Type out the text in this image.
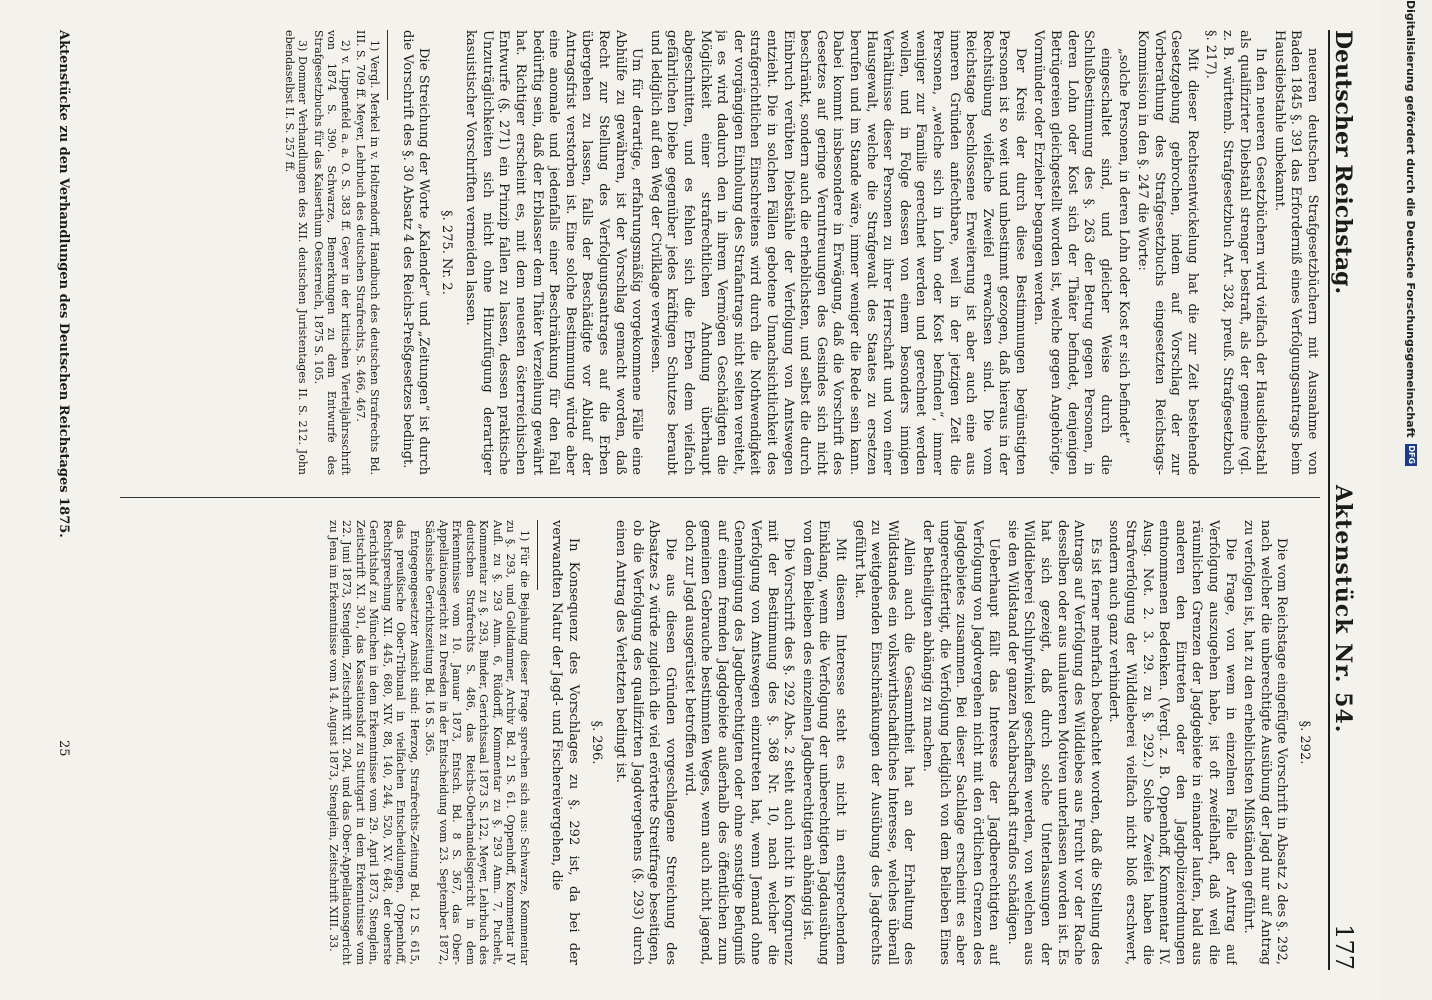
Deutscher Reichstag.
Aktenstück Nr. 54.
177

neueren deutschen Strafgesetzbüchern mit Ausnahme von Baden 1845 §. 391 das Erforderniß eines Verfolgungsantrags beim Hausdiebstahle unbekannt.

In den neueren Gesetzbüchern wird vielfach der Hausdiebstahl als qualifizirter Diebstahl strenger bestraft, als der gemeine (vgl. z. B. württemb. Strafgesetzbuch Art. 328, preuß. Strafgesetzbuch §. 217).

Mit dieser Rechtsentwickelung hat die zur Zeit bestehende Gesetzgebung gebrochen, indem auf Vorschlag der zur Vorberathung des Strafgesetzbuchs eingesetzten Reichstags-Kommission in den §. 247 die Worte:

„solche Personen, in deren Lohn oder Kost er sich befindet“

eingeschaltet sind, und gleicher Weise durch die Schlußbestimmung des §. 263 der Betrug gegen Personen, in deren Lohn oder Kost sich der Thäter befindet, denjenigen Betrügereien gleichgestellt worden ist, welche gegen Angehörige, Vormünder oder Erzieher begangen werden.

Der Kreis der durch diese Bestimmungen begünstigten Personen ist so weit und unbestimmt gezogen, daß hieraus in der Rechtsübung vielfache Zweifel erwachsen sind. Die vom Reichstage beschlossene Erweiterung ist aber auch eine aus inneren Gründen anfechtbare, weil in der jetzigen Zeit die Personen, „welche sich in Lohn oder Kost befinden“, immer weniger zur Familie gerechnet werden und gerechnet werden wollen, und in Folge dessen von einem besonders innigen Verhältnisse dieser Personen zu ihrer Herrschaft und von einer Hausgewalt, welche die Strafgewalt des Staates zu ersetzen berufen und im Stande wäre, immer weniger die Rede sein kann. Dabei kommt insbesondere in Erwägung, daß die Vorschrift des Gesetzes auf geringe Veruntreuungen des Gesindes sich nicht beschränkt, sondern auch die erheblichsten, und selbst die durch Einbruch verübten Diebstähle der Verfolgung von Amtswegen entzieht. Die in solchen Fällen gebotene Unnachsichtlichkeit des strafgerichtlichen Einschreitens wird durch die Nothwendigkeit der vorgängigen Einholung des Strafantrags nicht selten vereitelt, ja es wird dadurch den in ihrem Vermögen Geschädigten die Möglichkeit einer strafrechtlichen Ahndung überhaupt abgeschnitten, und es fehlen sich die Erben dem vielfach gefährlichen Diebe gegenüber jedes kräftigen Schutzes beraubt und lediglich auf den Weg der Civilklage verwiesen.

Um für derartige, erfahrungsmäßig vorgekommene Fälle eine Abhülfe zu gewähren, ist der Vorschlag gemacht worden, daß Recht zur Stellung des Verfolgungsantrages auf die Erben übergehen zu lassen, falls der Beschädigte vor Ablauf der Antragsfrist verstorben ist. Eine solche Bestimmung würde aber eine anomale und jedenfalls einer Beschränkung für den Fall bedürftig sein, daß der Erblasser dem Thäter Verzeihung gewährt hat. Richtiger erscheint es, mit dem neuesten österreichischen Entwurfe (§. 271) ein Prinzip fallen zu lassen, dessen praktische Unzuträglichkeiten sich nicht ohne Hinzufügung derartiger kasuistischer Vorschriften vermeiden lassen.

§. 275. Nr. 2.

Die Streichung der Worte „Kalender“ und „Zeitungen“ ist durch die Vorschrift des §. 30 Absatz 4 des Reichs-Preßgesetzes bedingt.

1) Vergl. Merkel in v. Holtzendorff, Handbuch des deutschen Strafrechts Bd. III. S. 709 ff. Meyer, Lehrbuch des deutschen Strafrechts, S. 466, 467.

2) v. Lippenfeld a. a. O. S. 383 ff. Geyer in der kritischen Vierteljahrsschrift von 1874 S. 390. Schwarze, Bemerkungen zu dem Entwurfe des Strafgesetzbuchs für das Kaiserthum Oesterreich, 1875 S. 105.

3) Dommer Verhandlungen des XII. deutschen Juristentages II. S. 212. John ebendaselbst II. S. 257 ff.

§. 292.

Die vom Reichstage eingefügte Vorschrift in Absatz 2 des §. 292, nach welcher die unberechtigte Ausübung der Jagd nur auf Antrag zu verfolgen ist, hat zu den erheblichsten Mißständen geführt.

Die Frage, von wem in einzelnen Falle der Antrag auf Verfolgung auszugehen habe, ist oft zweifelhaft, daß weil die räumlichen Grenzen der Jagdgebiete in einander laufen, bald aus anderen den Eintreten oder den Jagdpolizeiordnungen entnommenen Bedenken. (Vergl. z. B. Oppenhoff, Kommentar IV. Ausg. Not. 2. 3. 29. zu §. 292.) Solche Zweifel haben die Strafverfolgung der Wilddieberei vielfach nicht bloß erschwert, sondern auch ganz verhindert.

Es ist ferner mehrfach beobachtet worden, daß die Stellung des Antrags auf Verfolgung des Wilddiebes aus Furcht vor der Rache desselben oder aus unlauteren Motiven unterlassen worden ist. Es hat sich gezeigt, daß durch solche Unterlassungen der Wilddieberei Schlupfwinkel geschaffen werden, von welchen aus sie den Wildstand der ganzen Nachbarschaft straflos schädigen.

Ueberhaupt fällt das Interesse der Jagdberechtigten auf Verfolgung von Jagdvergehen nicht mit den örtlichen Grenzen des Jagdgebietes zusammen. Bei dieser Sachlage erscheint es aber ungerechtfertigt, die Verfolgung lediglich von dem Belieben Eines der Betheiligten abhängig zu machen.

Allein auch die Gesammtheit hat an der Erhaltung des Wildstandes ein volkswirthschaftliches Interesse, welches überall zu weitgehenden Einschränkungen der Ausübung des Jagdrechts geführt hat.

Mit diesem Interesse steht es nicht in entsprechendem Einklang, wenn die Verfolgung der unberechtigten Jagdausübung von dem Belieben des einzelnen Jagdberechtigten abhängig ist.

Die Vorschrift des §. 292 Abs. 2 steht auch nicht in Kongruenz mit der Bestimmung des §. 368 Nr. 10, nach welcher die Verfolgung von Amtswegen einzutreten hat, wenn Jemand ohne Genehmigung des Jagdberechtigten oder ohne sonstige Befugniß auf einem fremden Jagdgebiete außerhalb des öffentlichen zum gemeinen Gebrauche bestimmten Weges, wenn auch nicht jagend, doch zur Jagd ausgerüstet betroffen wird.

Die aus diesen Gründen vorgeschlagene Streichung des Absatzes 2 würde zugleich die viel erörterte Streitfrage beseitigen, ob die Verfolgung des qualifizirten Jagdvergehens (§. 293) durch einen Antrag des Verletzten bedingt ist.

§. 296.

In Konsequenz des Vorschlages zu §. 292 ist, da bei der verwandten Natur der Jagd- und Fischereivergehen, die

1) Für die Bejahung dieser Frage sprechen sich aus: Schwarze, Kommentar zu §. 293, und Goltdammer, Archiv Bd. 21 S. 61. Oppenhoff, Kommentar IV Aufl. zu §. 293 Anm. 6, Rüdorff, Kommentar zu §. 293 Anm. 7, Puchelt, Kommentar zu §. 293, Binder, Gerichtssaal 1873 S. 122, Meyer, Lehrbuch des deutschen Strafrechts S. 486, das Reichs-Oberhandelsgericht in dem Erkenntnisse vom 10. Januar 1873, Entsch. Bd. 8 S. 367, das Ober-Appellationsgericht zu Dresden in der Entscheidung vom 23. September 1872, Sächsische Gerichtszeitung Bd. 16 S. 365.

Entgegengesetzter Ansicht sind: Herzog, Strafrechts-Zeitung Bd. 12 S. 615, das preußische Ober-Tribunal in vielfachen Entscheidungen, Oppenhoff, Rechtsprechung XII. 445, 680, XIV. 88, 140, 244, 520, XV. 648, der oberste Gerichtshof zu München in dem Erkenntnisse vom 29. April 1873, Stenglein, Zeitschrift XI. 301, das Kassationshof zu Stuttgart in dem Erkenntnisse vom 22. Juni 1873, Stenglein, Zeitschrift XII. 204, und das Ober-Appellationsgericht zu Jena im Erkenntnisse vom 14. August 1873, Stenglein, Zeitschrift XIII. 33.

Aktenstücke zu den Verhandlungen des Deutschen Reichstages 1875.
25
Digitalisierung gefördert durch die Deutsche Forschungsgemeinschaft
DFG
